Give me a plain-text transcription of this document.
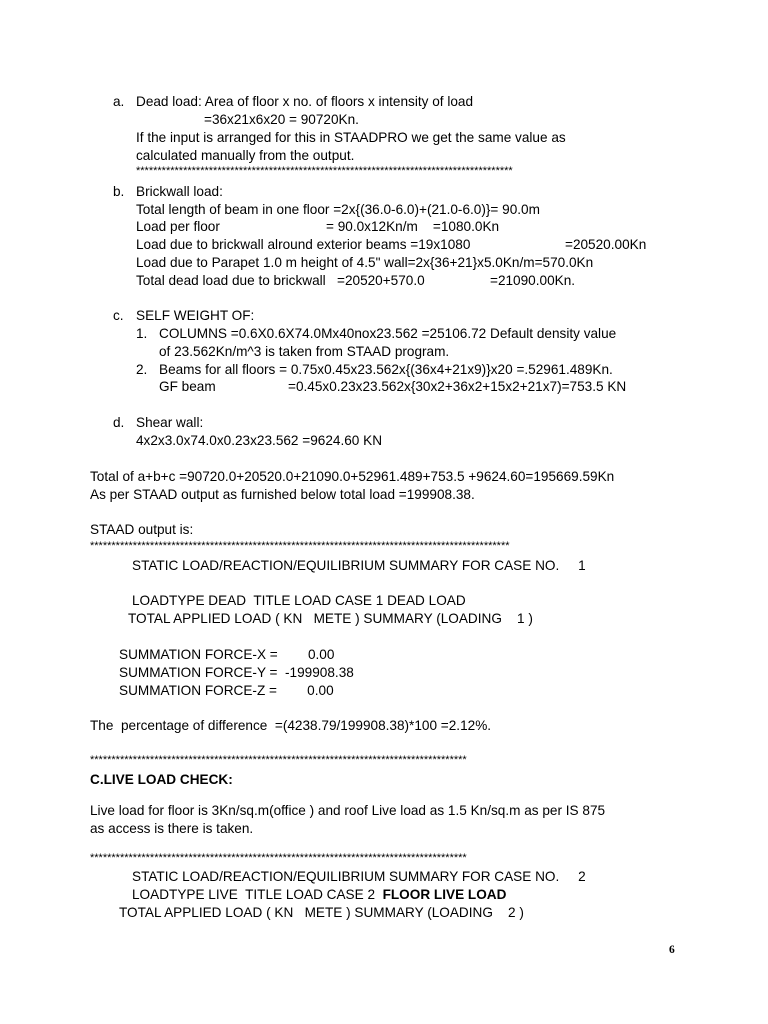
a. Dead load: Area of floor x no. of floors x intensity of load
=36x21x6x20 = 90720Kn.
If the input is arranged for this in STAADPRO we get the same value as
calculated manually from the output.
****************************************************************************************
b. Brickwall load:
Total length of beam in one floor =2x{(36.0-6.0)+(21.0-6.0)}= 90.0m
Load per floor	= 90.0x12Kn/m    =1080.0Kn
Load due to brickwall alround exterior beams =19x1080	=20520.00Kn
Load due to Parapet 1.0 m height of 4.5" wall=2x{36+21}x5.0Kn/m=570.0Kn
Total dead load due to brickwall   =20520+570.0	=21090.00Kn.
c. SELF WEIGHT OF:
1. COLUMNS =0.6X0.6X74.0Mx40nox23.562 =25106.72 Default density value
of 23.562Kn/m^3 is taken from STAAD program.
2. Beams for all floors = 0.75x0.45x23.562x{(36x4+21x9)}x20 =.52961.489Kn.
GF beam	=0.45x0.23x23.562x{30x2+36x2+15x2+21x7)=753.5 KN
d. Shear wall:
4x2x3.0x74.0x0.23x23.562 =9624.60 KN
Total of a+b+c =90720.0+20520.0+21090.0+52961.489+753.5 +9624.60=195669.59Kn
As per STAAD output as furnished below total load =199908.38.
STAAD output is:
**************************************************************************************************
STATIC LOAD/REACTION/EQUILIBRIUM SUMMARY FOR CASE NO.     1
LOADTYPE DEAD  TITLE LOAD CASE 1 DEAD LOAD
TOTAL APPLIED LOAD ( KN   METE ) SUMMARY (LOADING    1 )
SUMMATION FORCE-X =        0.00
SUMMATION FORCE-Y =  -199908.38
SUMMATION FORCE-Z =        0.00
The  percentage of difference  =(4238.79/199908.38)*100 =2.12%.
****************************************************************************************
C.LIVE LOAD CHECK:
Live load for floor is 3Kn/sq.m(office ) and roof Live load as 1.5 Kn/sq.m as per IS 875
as access is there is taken.
****************************************************************************************
STATIC LOAD/REACTION/EQUILIBRIUM SUMMARY FOR CASE NO.     2
LOADTYPE LIVE  TITLE LOAD CASE 2  FLOOR LIVE LOAD
TOTAL APPLIED LOAD ( KN   METE ) SUMMARY (LOADING    2 )
6
